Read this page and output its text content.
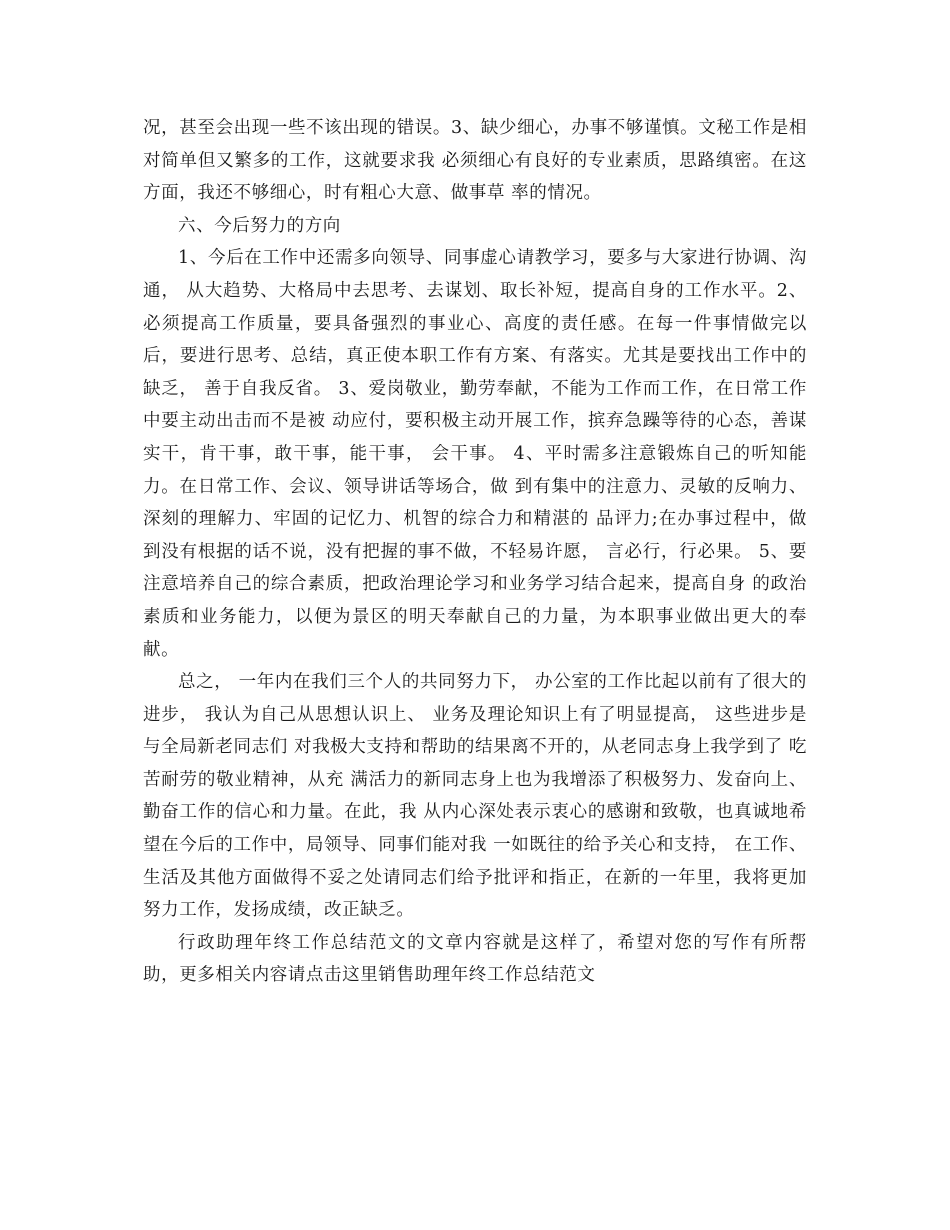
况，甚至会出现一些不该出现的错误。3、缺少细心，办事不够谨慎。文秘工作是相对简单但又繁多的工作，这就要求我 必须细心有良好的专业素质，思路缜密。在这方面，我还不够细心，时有粗心大意、做事草 率的情况。

六、今后努力的方向

1、今后在工作中还需多向领导、同事虚心请教学习，要多与大家进行协调、沟通， 从大趋势、大格局中去思考、去谋划、取长补短，提高自身的工作水平。2、必须提高工作质量，要具备强烈的事业心、高度的责任感。在每一件事情做完以后，要进行思考、总结，真正使本职工作有方案、有落实。尤其是要找出工作中的缺乏， 善于自我反省。 3、爱岗敬业，勤劳奉献，不能为工作而工作，在日常工作中要主动出击而不是被 动应付，要积极主动开展工作，摈弃急躁等待的心态，善谋实干，肯干事，敢干事，能干事， 会干事。 4、平时需多注意锻炼自己的听知能力。在日常工作、会议、领导讲话等场合，做 到有集中的注意力、灵敏的反响力、深刻的理解力、牢固的记忆力、机智的综合力和精湛的 品评力;在办事过程中，做到没有根据的话不说，没有把握的事不做，不轻易许愿， 言必行，行必果。 5、要注意培养自己的综合素质，把政治理论学习和业务学习结合起来，提高自身 的政治素质和业务能力，以便为景区的明天奉献自己的力量，为本职事业做出更大的奉献。

总之， 一年内在我们三个人的共同努力下， 办公室的工作比起以前有了很大的进步， 我认为自己从思想认识上、 业务及理论知识上有了明显提高， 这些进步是与全局新老同志们 对我极大支持和帮助的结果离不开的，从老同志身上我学到了 吃苦耐劳的敬业精神，从充 满活力的新同志身上也为我增添了积极努力、发奋向上、勤奋工作的信心和力量。在此，我 从内心深处表示衷心的感谢和致敬，也真诚地希望在今后的工作中，局领导、同事们能对我 一如既往的给予关心和支持， 在工作、 生活及其他方面做得不妥之处请同志们给予批评和指正，在新的一年里，我将更加努力工作，发扬成绩，改正缺乏。

行政助理年终工作总结范文的文章内容就是这样了，希望对您的写作有所帮助，更多相关内容请点击这里销售助理年终工作总结范文
